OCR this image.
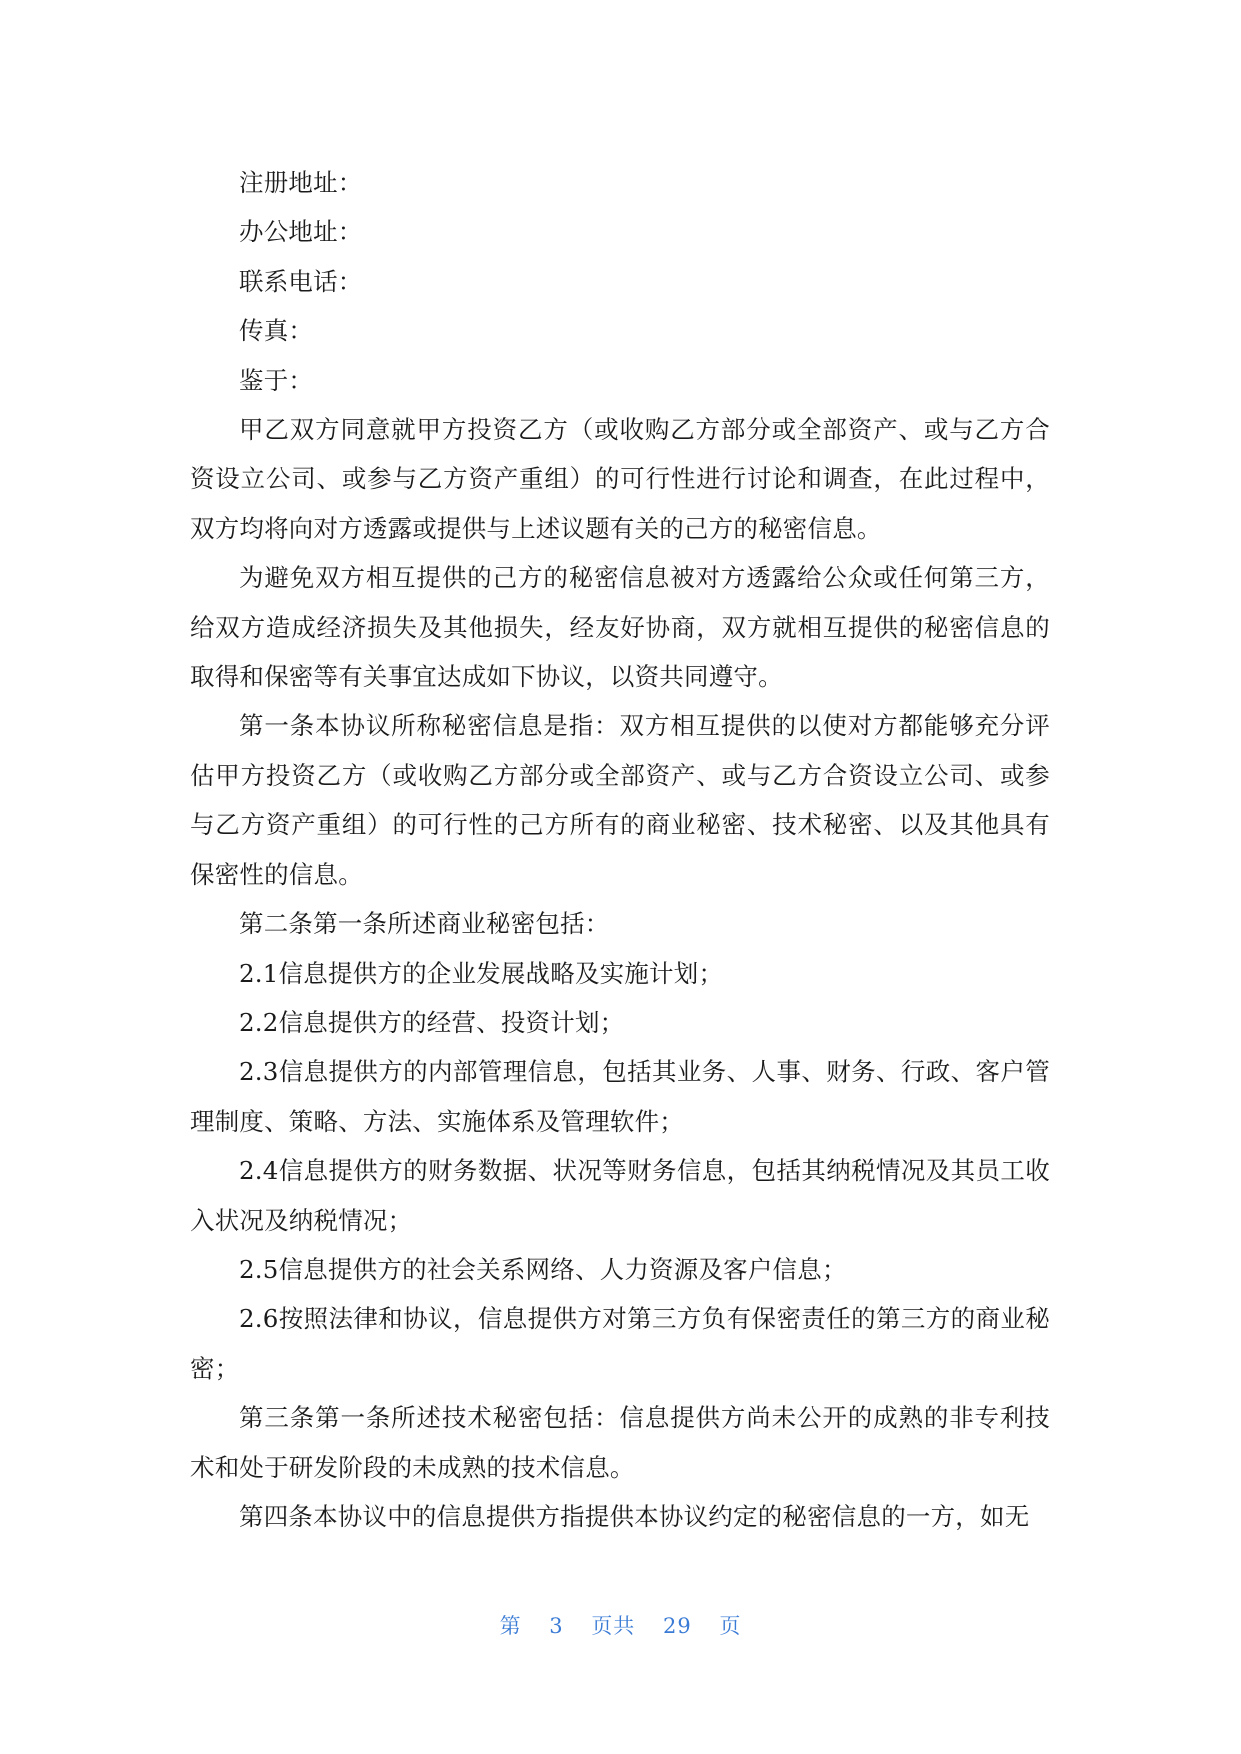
注册地址：

办公地址：

联系电话：

传真：

鉴于：

甲乙双方同意就甲方投资乙方（或收购乙方部分或全部资产、或与乙方合资设立公司、或参与乙方资产重组）的可行性进行讨论和调查，在此过程中，双方均将向对方透露或提供与上述议题有关的己方的秘密信息。

为避免双方相互提供的己方的秘密信息被对方透露给公众或任何第三方，给双方造成经济损失及其他损失，经友好协商，双方就相互提供的秘密信息的取得和保密等有关事宜达成如下协议，以资共同遵守。

第一条本协议所称秘密信息是指：双方相互提供的以使对方都能够充分评估甲方投资乙方（或收购乙方部分或全部资产、或与乙方合资设立公司、或参与乙方资产重组）的可行性的己方所有的商业秘密、技术秘密、以及其他具有保密性的信息。

第二条第一条所述商业秘密包括：

2.1信息提供方的企业发展战略及实施计划；

2.2信息提供方的经营、投资计划；

2.3信息提供方的内部管理信息，包括其业务、人事、财务、行政、客户管理制度、策略、方法、实施体系及管理软件；

2.4信息提供方的财务数据、状况等财务信息，包括其纳税情况及其员工收入状况及纳税情况；

2.5信息提供方的社会关系网络、人力资源及客户信息；

2.6按照法律和协议，信息提供方对第三方负有保密责任的第三方的商业秘密；

第三条第一条所述技术秘密包括：信息提供方尚未公开的成熟的非专利技术和处于研发阶段的未成熟的技术信息。

第四条本协议中的信息提供方指提供本协议约定的秘密信息的一方，如无

第 3 页共 29 页
